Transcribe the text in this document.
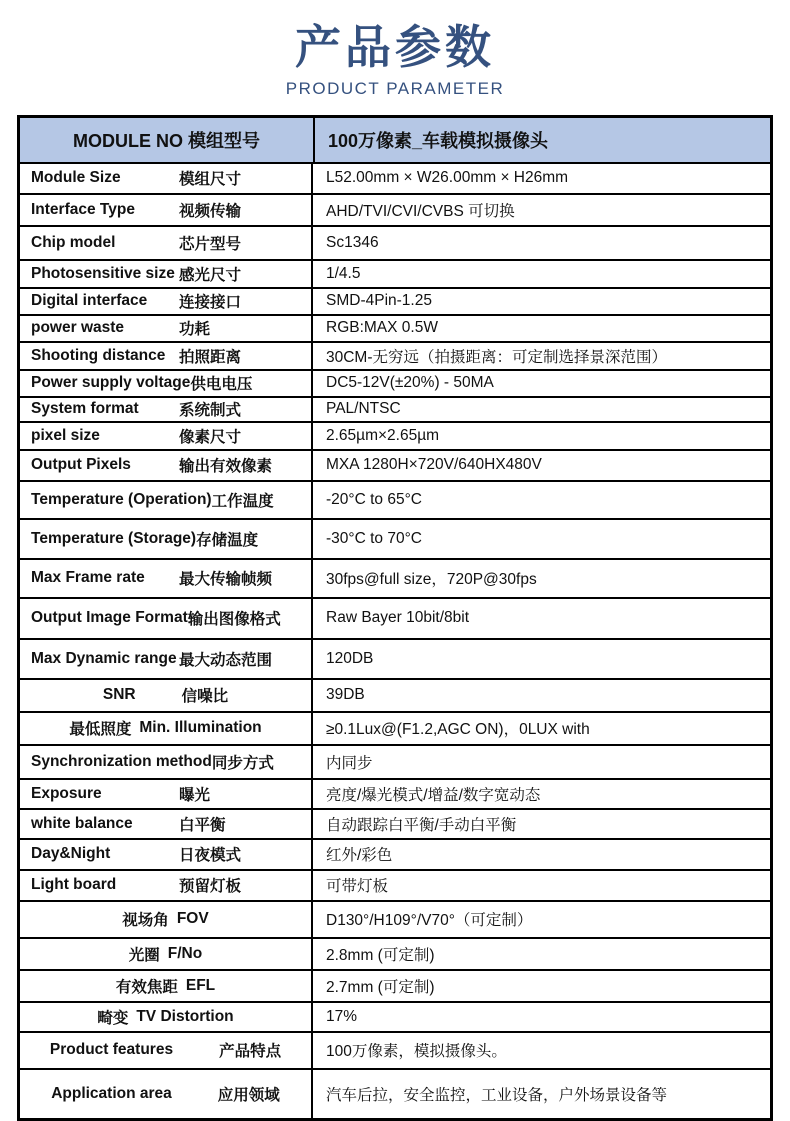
产品参数
PRODUCT PARAMETER
MODULE NO 模组型号	100万像素_车载模拟摄像头
Module Size	模组尺寸	L52.00mm × W26.00mm × H26mm
Interface Type	视频传输	AHD/TVI/CVI/CVBS 可切换
Chip model	芯片型号	Sc1346
Photosensitive size 感光尺寸	1/4.5
Digital interface	连接接口	SMD-4Pin-1.25
power waste	功耗	RGB:MAX 0.5W
Shooting distance 拍照距离	30CM-无穷远（拍摄距离：可定制选择景深范围）
Power supply voltage 供电电压	DC5-12V(±20%) - 50MA
System format	系统制式	PAL/NTSC
pixel size	像素尺寸	2.65µm×2.65µm
Output Pixels	输出有效像素	MXA 1280H×720V/640HX480V
Temperature (Operation) 工作温度	-20°C to 65°C
Temperature (Storage) 存储温度	-30°C to 70°C
Max Frame rate	最大传输帧频	30fps@full size，720P@30fps
Output Image Format 输出图像格式	Raw Bayer 10bit/8bit
Max Dynamic range 最大动态范围	120DB
SNR	信噪比	39DB
最低照度 Min. Illumination	≥0.1Lux@(F1.2,AGC ON)，0LUX with
Synchronization method 同步方式	内同步
Exposure	曝光	亮度/爆光模式/增益/数字宽动态
white balance	白平衡	自动跟踪白平衡/手动白平衡
Day&Night	日夜模式	红外/彩色
Light board	预留灯板	可带灯板
视场角 FOV	D130°/H109°/V70°（可定制）
光圈 F/No	2.8mm (可定制)
有效焦距 EFL	2.7mm (可定制)
畸变 TV Distortion	17%
Product features	产品特点	100万像素，模拟摄像头。
Application area	应用领域	汽车后拉，安全监控，工业设备，户外场景设备等
